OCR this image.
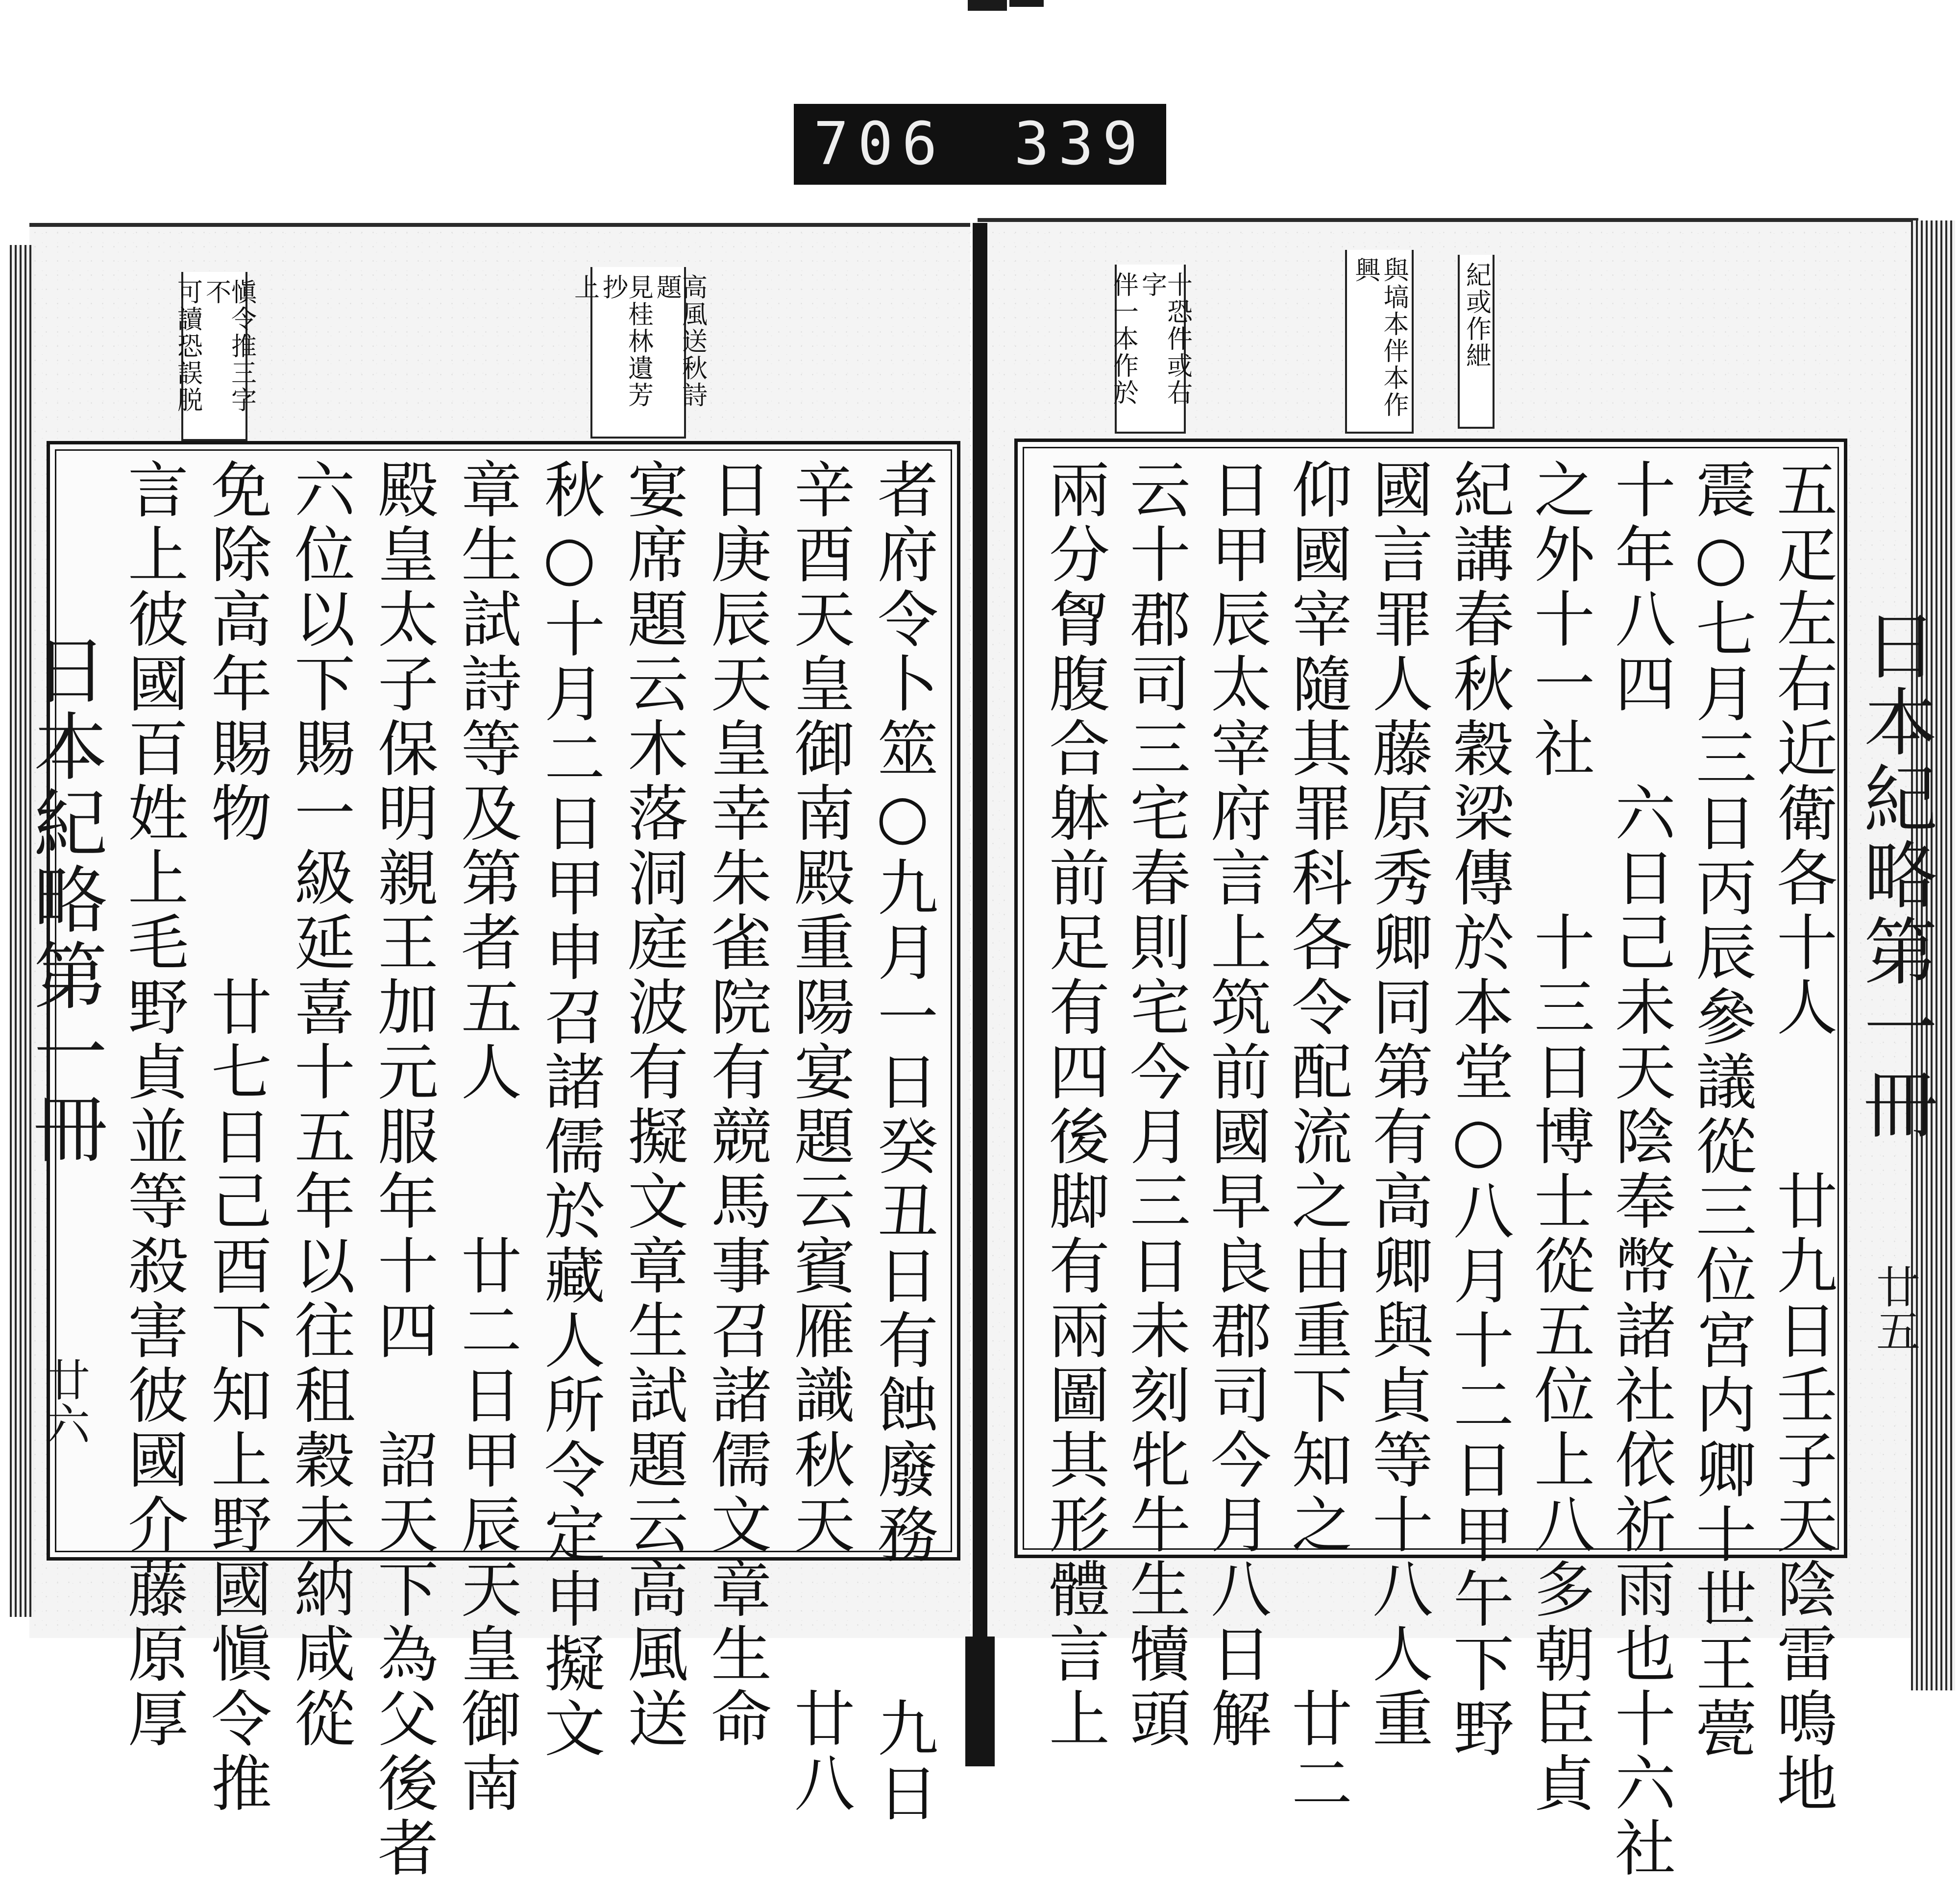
706 339
日本紀略第一冊
廿五
紀或作紲
與塙本伴本作
興
十恐件或右字
伴一本作於
五疋左右近衛各十人　　廿九日壬子天陰雷鳴地
震○七月三日丙辰參議從三位宮内卿十世王甍
十年八四　六日己未天陰奉幣諸社依祈雨也十六社
之外十一社　　十三日博士從五位上八多朝臣貞
紀講春秋穀梁傳於本堂○八月十二日甲午下野
國言罪人藤原秀卿同第有高卿與貞等十八人重
仰國宰隨其罪科各令配流之由重下知之　　廿二
日甲辰太宰府言上筑前國早良郡司今月八日解
云十郡司三宅春則宅今月三日未刻牝牛生犢頭
兩分胷腹合躰前足有四後脚有兩圖其形體言上
日本紀略第一冊
廿六
高風送秋詩題
見桂林遺芳抄
上
愼令推三字不
可讀恐誤脱
者府令卜筮○九月一日癸丑日有蝕廢務　　九日
辛酉天皇御南殿重陽宴題云賓雁識秋天　　廿八
日庚辰天皇幸朱雀院有競馬事召諸儒文章生命
宴席題云木落洞庭波有擬文章生試題云高風送
秋○十月二日甲申召諸儒於藏人所令定申擬文
章生試詩等及第者五人　　廿二日甲辰天皇御南
殿皇太子保明親王加元服年十四　詔天下為父後者
六位以下賜一級延喜十五年以往租穀未納咸從
免除高年賜物　　廿七日己酉下知上野國愼令推
言上彼國百姓上毛野貞並等殺害彼國介藤原厚
